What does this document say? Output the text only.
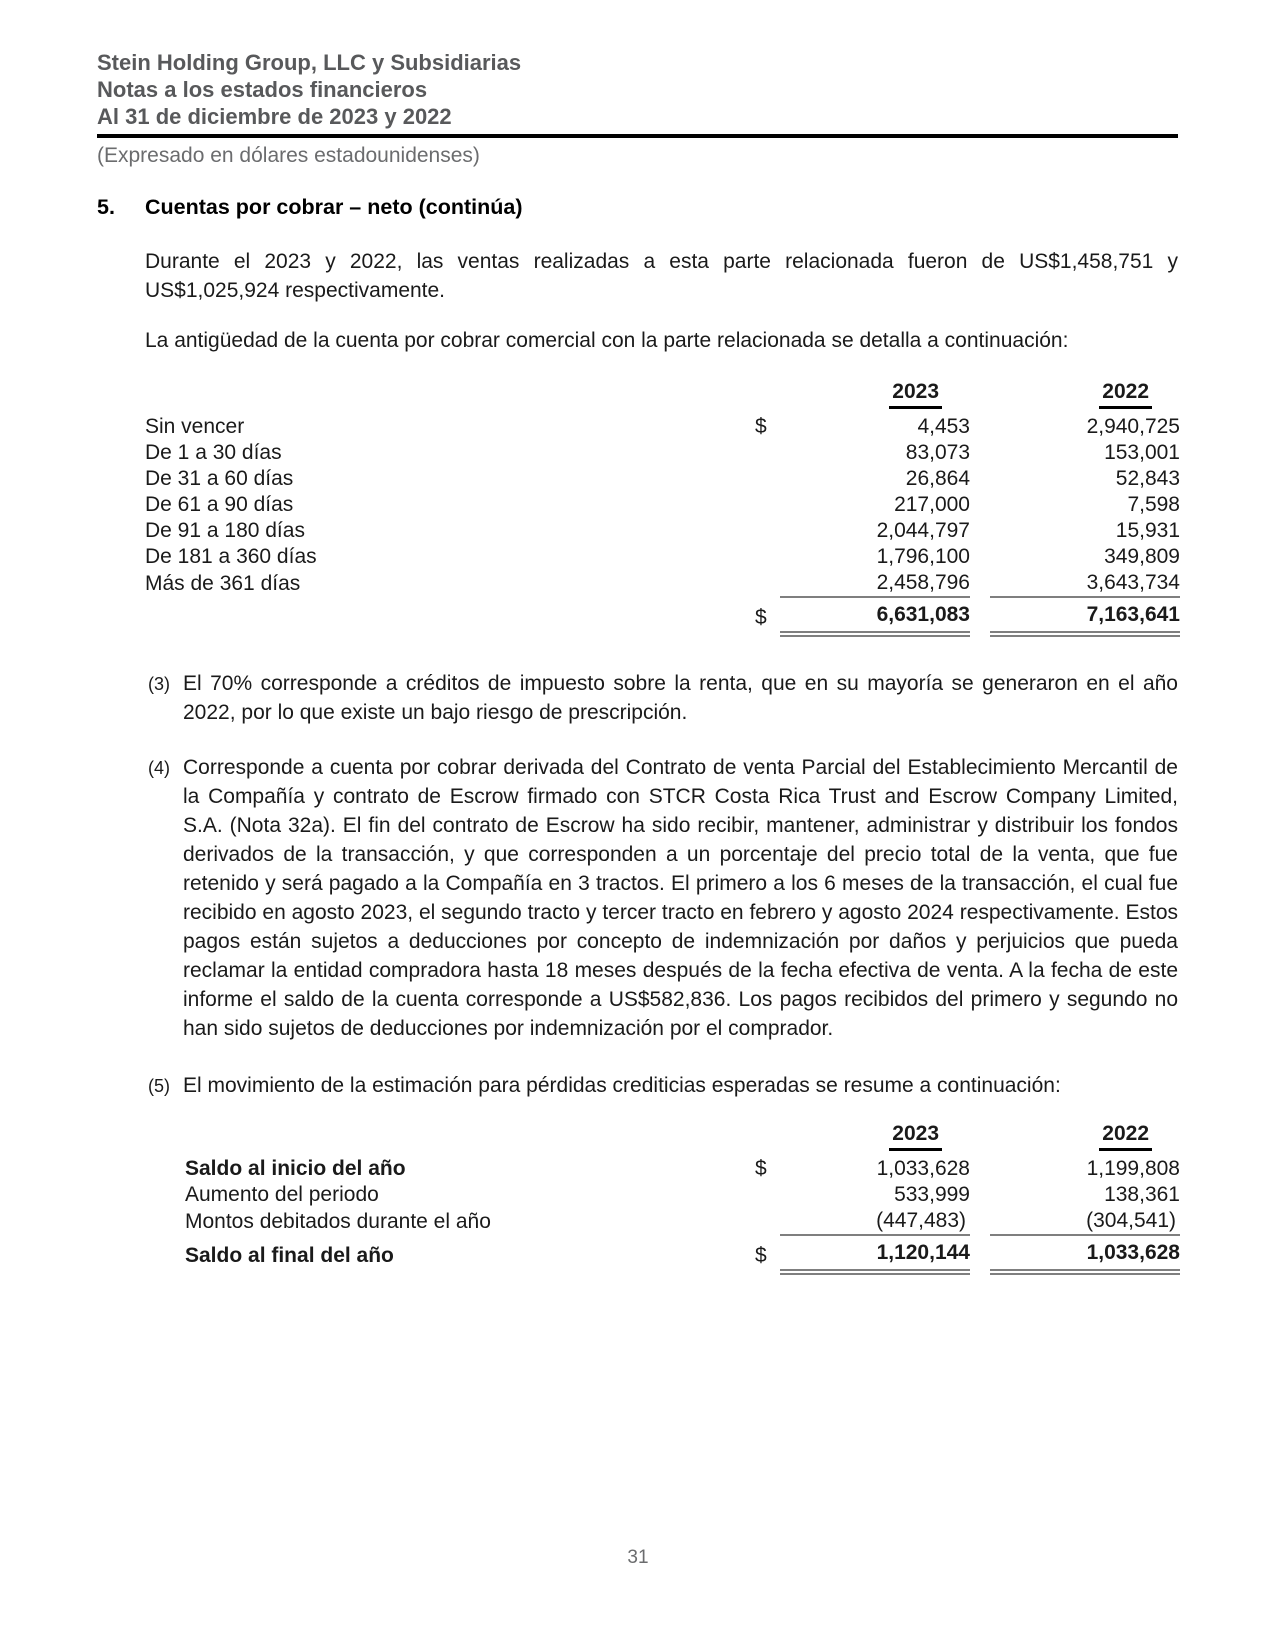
Stein Holding Group, LLC y Subsidiarias
Notas a los estados financieros
Al 31 de diciembre de 2023 y 2022
(Expresado en dólares estadounidenses)
5.	Cuentas por cobrar – neto (continúa)

Durante el 2023 y 2022, las ventas realizadas a esta parte relacionada fueron de US$1,458,751 y US$1,025,924 respectivamente.

La antigüedad de la cuenta por cobrar comercial con la parte relacionada se detalla a continuación:

		2023		2022
Sin vencer	$	4,453		2,940,725
De 1 a 30 días		83,073		153,001
De 31 a 60 días		26,864		52,843
De 61 a 90 días		217,000		7,598
De 91 a 180 días		2,044,797		15,931
De 181 a 360 días		1,796,100		349,809
Más de 361 días		2,458,796		3,643,734
	$	6,631,083		7,163,641
(3) El 70% corresponde a créditos de impuesto sobre la renta, que en su mayoría se generaron en el año 2022, por lo que existe un bajo riesgo de prescripción.
(4) Corresponde a cuenta por cobrar derivada del Contrato de venta Parcial del Establecimiento Mercantil de la Compañía y contrato de Escrow firmado con STCR Costa Rica Trust and Escrow Company Limited, S.A. (Nota 32a). El fin del contrato de Escrow ha sido recibir, mantener, administrar y distribuir los fondos derivados de la transacción, y que corresponden a un porcentaje del precio total de la venta, que fue retenido y será pagado a la Compañía en 3 tractos. El primero a los 6 meses de la transacción, el cual fue recibido en agosto 2023, el segundo tracto y tercer tracto en febrero y agosto 2024 respectivamente. Estos pagos están sujetos a deducciones por concepto de indemnización por daños y perjuicios que pueda reclamar la entidad compradora hasta 18 meses después de la fecha efectiva de venta. A la fecha de este informe el saldo de la cuenta corresponde a US$582,836. Los pagos recibidos del primero y segundo no han sido sujetos de deducciones por indemnización por el comprador.
(5) El movimiento de la estimación para pérdidas crediticias esperadas se resume a continuación:
		2023		2022
Saldo al inicio del año	$	1,033,628		1,199,808
Aumento del periodo		533,999		138,361
Montos debitados durante el año		(447,483)		(304,541)
Saldo al final del año	$	1,120,144		1,033,628
31
